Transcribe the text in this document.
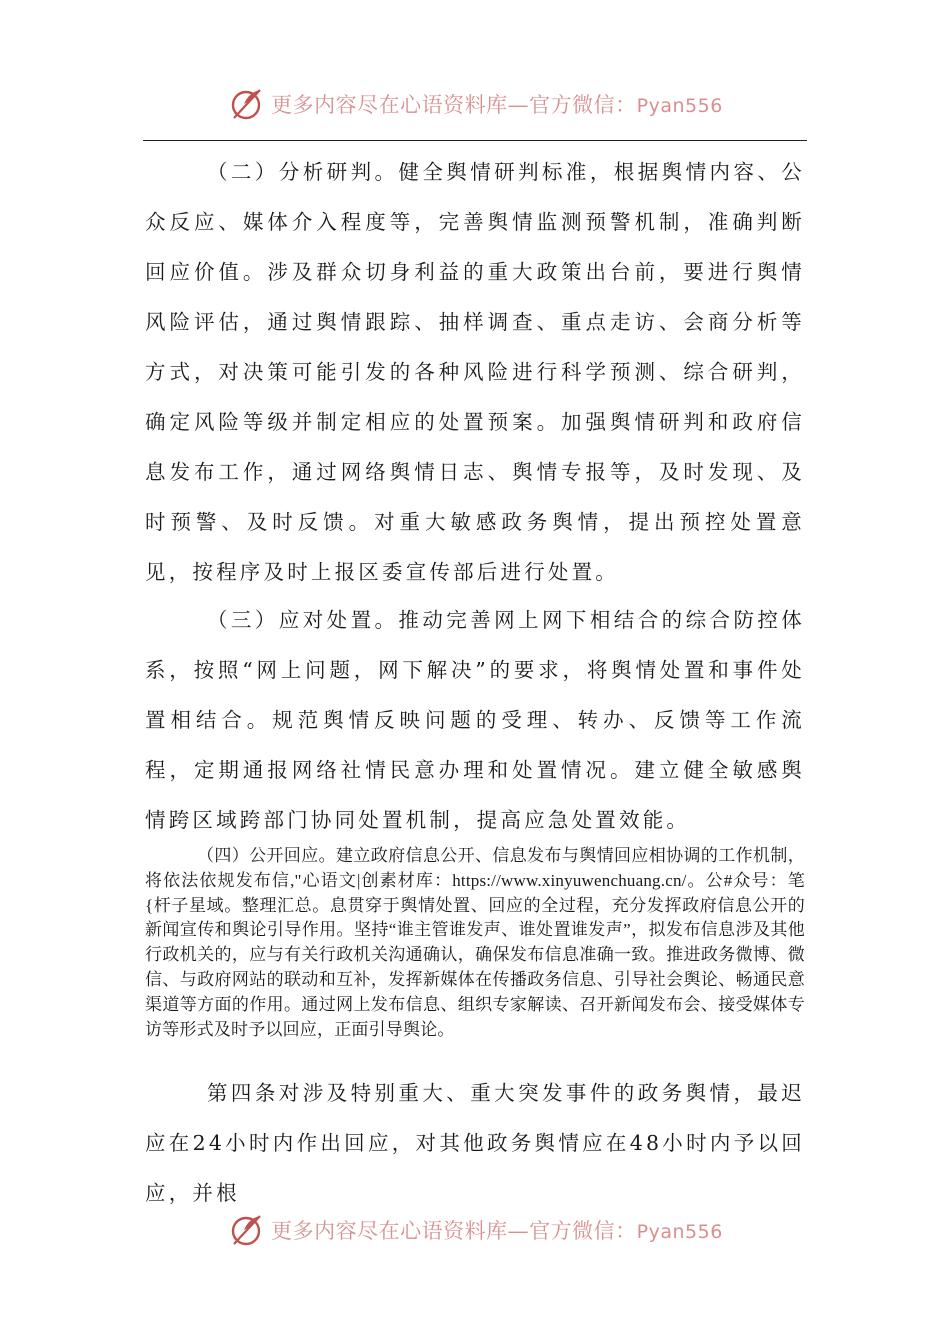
更多内容尽在心语资料库—官方微信：Pyan556

（二）分析研判。健全舆情研判标准，根据舆情内容、公众反应、媒体介入程度等，完善舆情监测预警机制，准确判断回应价值。涉及群众切身利益的重大政策出台前，要进行舆情风险评估，通过舆情跟踪、抽样调查、重点走访、会商分析等方式，对决策可能引发的各种风险进行科学预测、综合研判，确定风险等级并制定相应的处置预案。加强舆情研判和政府信息发布工作，通过网络舆情日志、舆情专报等，及时发现、及时预警、及时反馈。对重大敏感政务舆情，提出预控处置意见，按程序及时上报区委宣传部后进行处置。

（三）应对处置。推动完善网上网下相结合的综合防控体系，按照“网上问题，网下解决”的要求，将舆情处置和事件处置相结合。规范舆情反映问题的受理、转办、反馈等工作流程，定期通报网络社情民意办理和处置情况。建立健全敏感舆情跨区域跨部门协同处置机制，提高应急处置效能。

（四）公开回应。建立政府信息公开、信息发布与舆情回应相协调的工作机制，将依法依规发布信,"心语文|创素材库：https://www.xinyuwenchuang.cn/。公#众号：笔{杆子星域。整理汇总。息贯穿于舆情处置、回应的全过程，充分发挥政府信息公开的新闻宣传和舆论引导作用。坚持“谁主管谁发声、谁处置谁发声”，拟发布信息涉及其他行政机关的，应与有关行政机关沟通确认，确保发布信息准确一致。推进政务微博、微信、与政府网站的联动和互补，发挥新媒体在传播政务信息、引导社会舆论、畅通民意渠道等方面的作用。通过网上发布信息、组织专家解读、召开新闻发布会、接受媒体专访等形式及时予以回应，正面引导舆论。

第四条对涉及特别重大、重大突发事件的政务舆情，最迟应在24小时内作出回应，对其他政务舆情应在48小时内予以回应，并根

更多内容尽在心语资料库—官方微信：Pyan556
